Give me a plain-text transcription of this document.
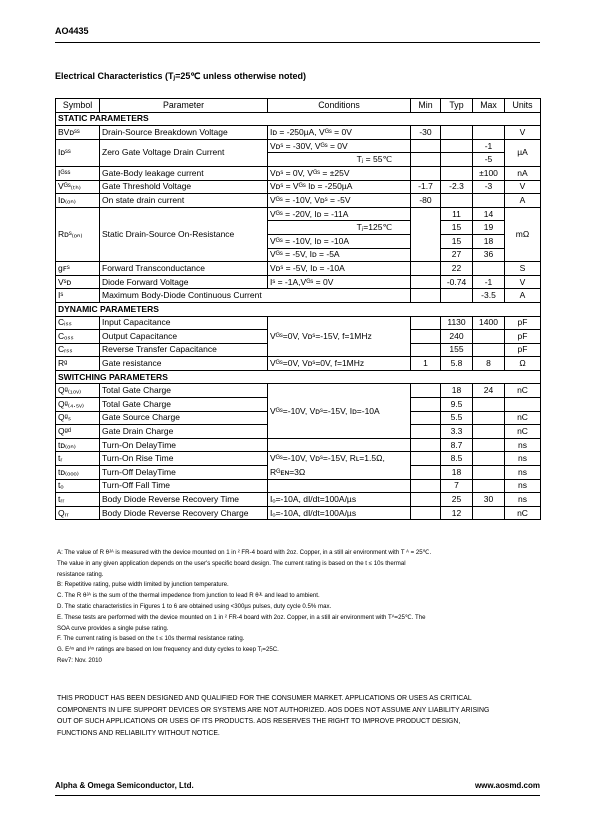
AO4435
Electrical Characteristics (Tⱼ=25℃ unless otherwise noted)
Symbol	Parameter	Conditions	Min	Typ	Max	Units
STATIC PARAMETERS						
BVᴅˢˢ	Drain-Source Breakdown Voltage	Iᴅ = -250µA, Vᴳˢ = 0V	-30			V
Iᴅˢˢ	Zero Gate Voltage Drain Current	Vᴅˢ = -30V, Vᴳˢ = 0V			-1	µA
		Tⱼ = 55℃			-5	
Iᴳˢˢ	Gate-Body leakage current	Vᴅˢ = 0V, Vᴳˢ = ±25V			±100	nA
Vᴳˢ₍ₜₕ₎	Gate Threshold Voltage	Vᴅˢ = Vᴳˢ Iᴅ = -250µA	-1.7	-2.3	-3	V
Iᴅ₍ₒₙ₎	On state drain current	Vᴳˢ = -10V, Vᴅˢ = -5V	-80			A
Rᴅˢ₍ₒₙ₎	Static Drain-Source On-Resistance	Vᴳˢ = -20V, Iᴅ = -11A		11	14	mΩ
		Tⱼ=125℃		15	19	
		Vᴳˢ = -10V, Iᴅ = -10A		15	18	
		Vᴳˢ = -5V, Iᴅ = -5A		27	36	
gꜰˢ	Forward Transconductance	Vᴅˢ = -5V, Iᴅ = -10A		22		S
Vˢᴅ	Diode Forward Voltage	Iˢ = -1A,Vᴳˢ = 0V		-0.74	-1	V
Iˢ	Maximum Body-Diode Continuous Current				-3.5	A
DYNAMIC PARAMETERS						
Cᵢₛₛ	Input Capacitance	Vᴳˢ=0V, Vᴅˢ=-15V, f=1MHz		1130	1400	pF
Cₒₛₛ	Output Capacitance			240		pF
Cᵣₛₛ	Reverse Transfer Capacitance			155		pF
Rᵍ	Gate resistance	Vᴳˢ=0V, Vᴅˢ=0V, f=1MHz	1	5.8	8	Ω
SWITCHING PARAMETERS						
Qᵍ₍₁₀ᵥ₎	Total Gate Charge	Vᴳˢ=-10V, Vᴅˢ=-15V, Iᴅ=-10A		18	24	nC
Qᵍ₍₄.₅ᵥ₎	Total Gate Charge			9.5		
Qᵍₛ	Gate Source Charge			5.5		nC
Qᵍᵈ	Gate Drain Charge			3.3		nC
tᴅ₍ₒₙ₎	Turn-On DelayTime			8.7		ns
tᵣ	Turn-On Rise Time	Vᴳˢ=-10V, Vᴅˢ=-15V, Rʟ=1.5Ω,		8.5		ns
tᴅ₍ₒₒₒ₎	Turn-Off DelayTime	Rᴳᴇɴ=3Ω		18		ns
tₒ	Turn-Off Fall Time			7		ns
tᵣᵣ	Body Diode Reverse Recovery Time	Iₒ=-10A, dI/dt=100A/µs		25	30	ns
Qᵣᵣ	Body Diode Reverse Recovery Charge	Iₒ=-10A, dI/dt=100A/µs		12		nC
A: The value of R θᴶᴬ is measured with the device mounted on 1 in ² FR-4 board with 2oz. Copper, in a still air environment with T ᴬ = 25℃.
The value in any given application depends on the user's specific board design. The current rating is based on the t ≤ 10s thermal
resistance rating.
B: Repetitive rating, pulse width limited by junction temperature.
C. The R θᴶᴬ is the sum of the thermal impedence from junction to lead R θᴶᴸ and lead to ambient.
D. The static characteristics in Figures 1 to 6 are obtained using <300µs pulses, duty cycle 0.5% max.
E. These tests are performed with the device mounted on 1 in ² FR-4 board with 2oz. Copper, in a still air environment with Tᴬ=25℃. The
SOA curve provides a single pulse rating.
F. The current rating is based on the t ≤ 10s thermal resistance rating.
G. Eᴬˢ and Iᴬˢ ratings are based on low frequency and duty cycles to keep Tⱼ=25C.
Rev7: Nov. 2010
THIS PRODUCT HAS BEEN DESIGNED AND QUALIFIED FOR THE CONSUMER MARKET. APPLICATIONS OR USES AS CRITICAL
COMPONENTS IN LIFE SUPPORT DEVICES OR SYSTEMS ARE NOT AUTHORIZED. AOS DOES NOT ASSUME ANY LIABILITY ARISING
OUT OF SUCH APPLICATIONS OR USES OF ITS PRODUCTS. AOS RESERVES THE RIGHT TO IMPROVE PRODUCT DESIGN,
FUNCTIONS AND RELIABILITY WITHOUT NOTICE.
Alpha & Omega Semiconductor, Ltd.	www.aosmd.com
